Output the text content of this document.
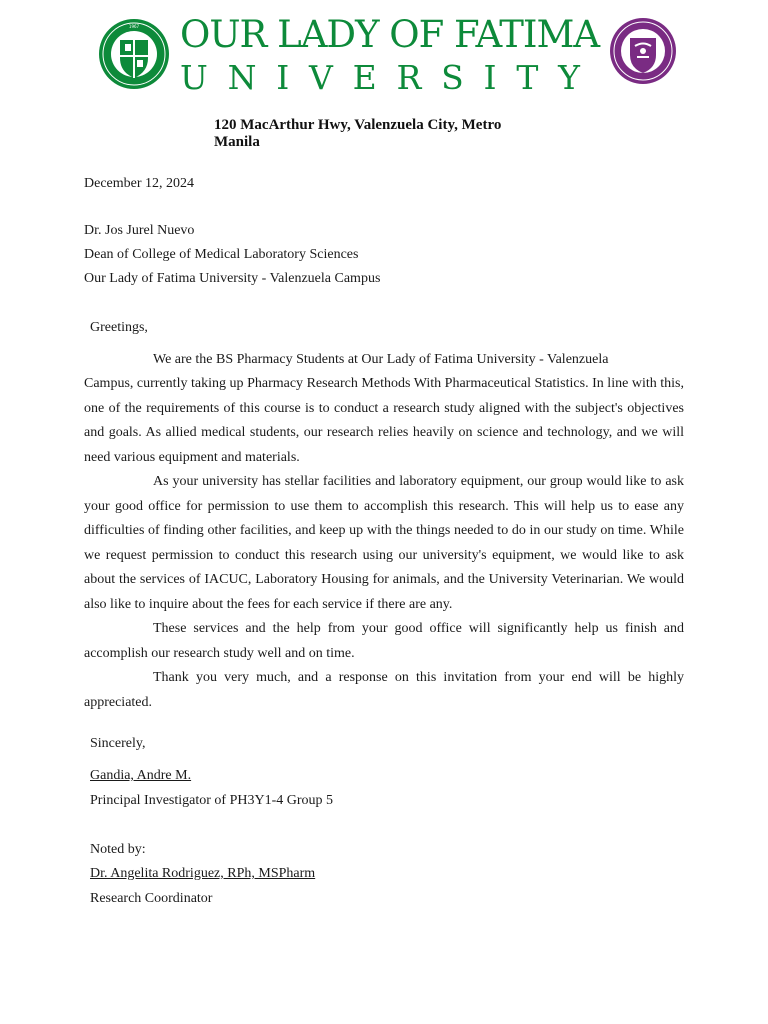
1967 OUR LADY OF FATIMA
U N I V E R S I T Y
120 MacArthur Hwy, Valenzuela City, Metro Manila
December 12, 2024
Dr. Jos Jurel Nuevo
Dean of College of Medical Laboratory Sciences
Our Lady of Fatima University - Valenzuela Campus
Greetings,
We are the BS Pharmacy Students at Our Lady of Fatima University - Valenzuela
Campus, currently taking up Pharmacy Research Methods With Pharmaceutical Statistics. In line with this, one of the requirements of this course is to conduct a research study aligned with the subject's objectives and goals. As allied medical students, our research relies heavily on science and technology, and we will need various equipment and materials.
As your university has stellar facilities and laboratory equipment, our group would like to ask your good office for permission to use them to accomplish this research. This will help us to ease any difficulties of finding other facilities, and keep up with the things needed to do in our study on time. While we request permission to conduct this research using our university's equipment, we would like to ask about the services of IACUC, Laboratory Housing for animals, and the University Veterinarian. We would also like to inquire about the fees for each service if there are any.
These services and the help from your good office will significantly help us finish and accomplish our research study well and on time.
Thank you very much, and a response on this invitation from your end will be highly appreciated.
Sincerely,
Gandia, Andre M.
Principal Investigator of PH3Y1-4 Group 5
Noted by:
Dr. Angelita Rodriguez, RPh, MSPharm
Research Coordinator
